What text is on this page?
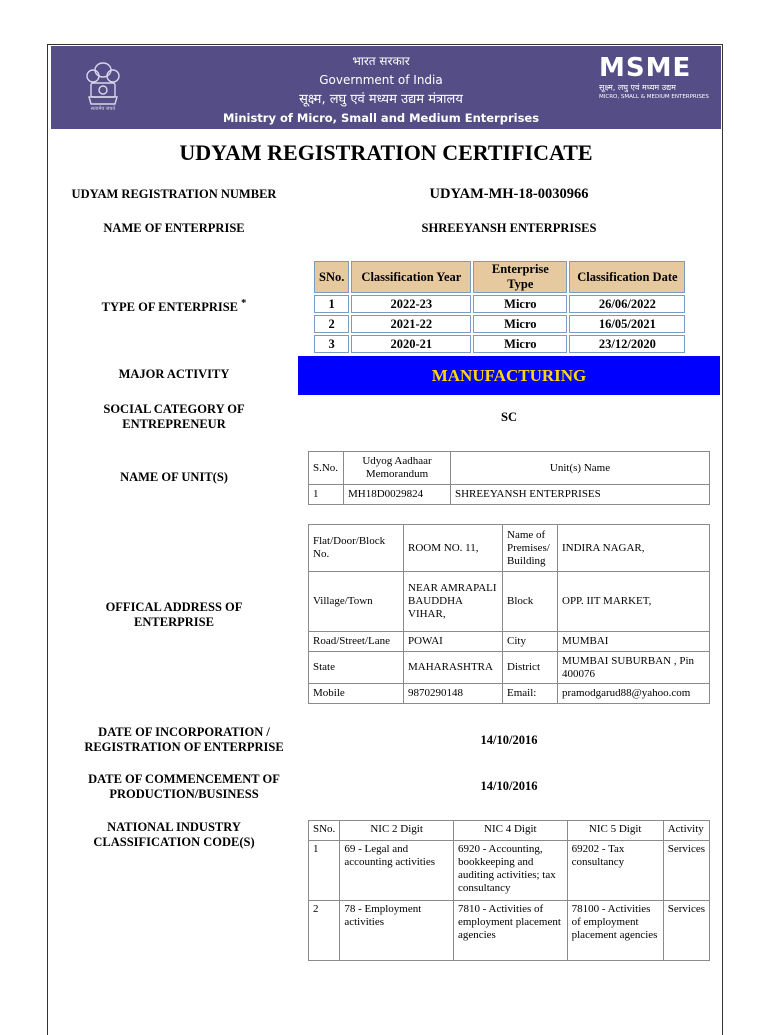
सत्यमेव जयते
भारत सरकार
Government of India
सूक्ष्म, लघु एवं मध्यम उद्यम मंत्रालय
Ministry of Micro, Small and Medium Enterprises
MSME
सूक्ष्म, लघु एवं मध्यम उद्यम
MICRO, SMALL & MEDIUM ENTERPRISES
UDYAM REGISTRATION CERTIFICATE
UDYAM REGISTRATION NUMBER	UDYAM-MH-18-0030966
NAME OF ENTERPRISE	SHREEYANSH ENTERPRISES
TYPE OF ENTERPRISE *
SNo.	Classification Year	Enterprise Type	Classification Date
1	2022-23	Micro	26/06/2022
2	2021-22	Micro	16/05/2021
3	2020-21	Micro	23/12/2020
MAJOR ACTIVITY	MANUFACTURING
SOCIAL CATEGORY OF
ENTREPRENEUR	SC
NAME OF UNIT(S)
S.No.	Udyog Aadhaar Memorandum	Unit(s) Name
1	MH18D0029824	SHREEYANSH ENTERPRISES
OFFICAL ADDRESS OF
ENTERPRISE
Flat/Door/Block No.	ROOM NO. 11,	Name of Premises/ Building	INDIRA NAGAR,
Village/Town	NEAR AMRAPALI BAUDDHA VIHAR,	Block	OPP. IIT MARKET,
Road/Street/Lane	POWAI	City	MUMBAI
State	MAHARASHTRA	District	MUMBAI SUBURBAN , Pin 400076
Mobile	9870290148	Email:	pramodgarud88@yahoo.com
DATE OF INCORPORATION /
REGISTRATION OF ENTERPRISE	14/10/2016
DATE OF COMMENCEMENT OF
PRODUCTION/BUSINESS
14/10/2016
NATIONAL INDUSTRY
CLASSIFICATION CODE(S)
SNo.	NIC 2 Digit	NIC 4 Digit	NIC 5 Digit	Activity
1	69 - Legal and accounting activities	6920 - Accounting, bookkeeping and auditing activities; tax consultancy	69202 - Tax consultancy	Services
2	78 - Employment activities	7810 - Activities of employment placement agencies	78100 - Activities of employment placement agencies	Services
